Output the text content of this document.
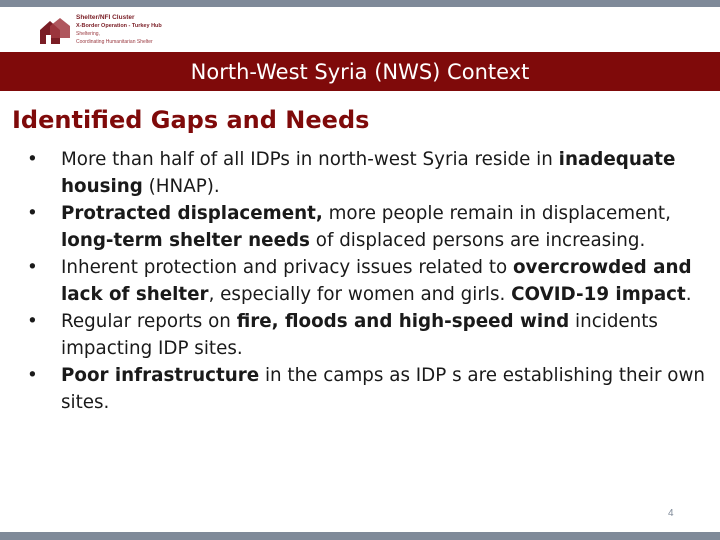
Shelter/NFI Cluster
X-Border Operation - Turkey Hub
Sheltering,
Coordinating Humanitarian Shelter
North-West Syria (NWS) Context
Identified Gaps and Needs
• More than half of all IDPs in north-west Syria reside in inadequate housing (HNAP).
• Protracted displacement, more people remain in displacement, long-term shelter needs of displaced persons are increasing.
• Inherent protection and privacy issues related to overcrowded and lack of shelter, especially for women and girls. COVID-19 impact.
• Regular reports on fire, floods and high-speed wind incidents impacting IDP sites.
• Poor infrastructure in the camps as IDP s are establishing their own sites.
4
